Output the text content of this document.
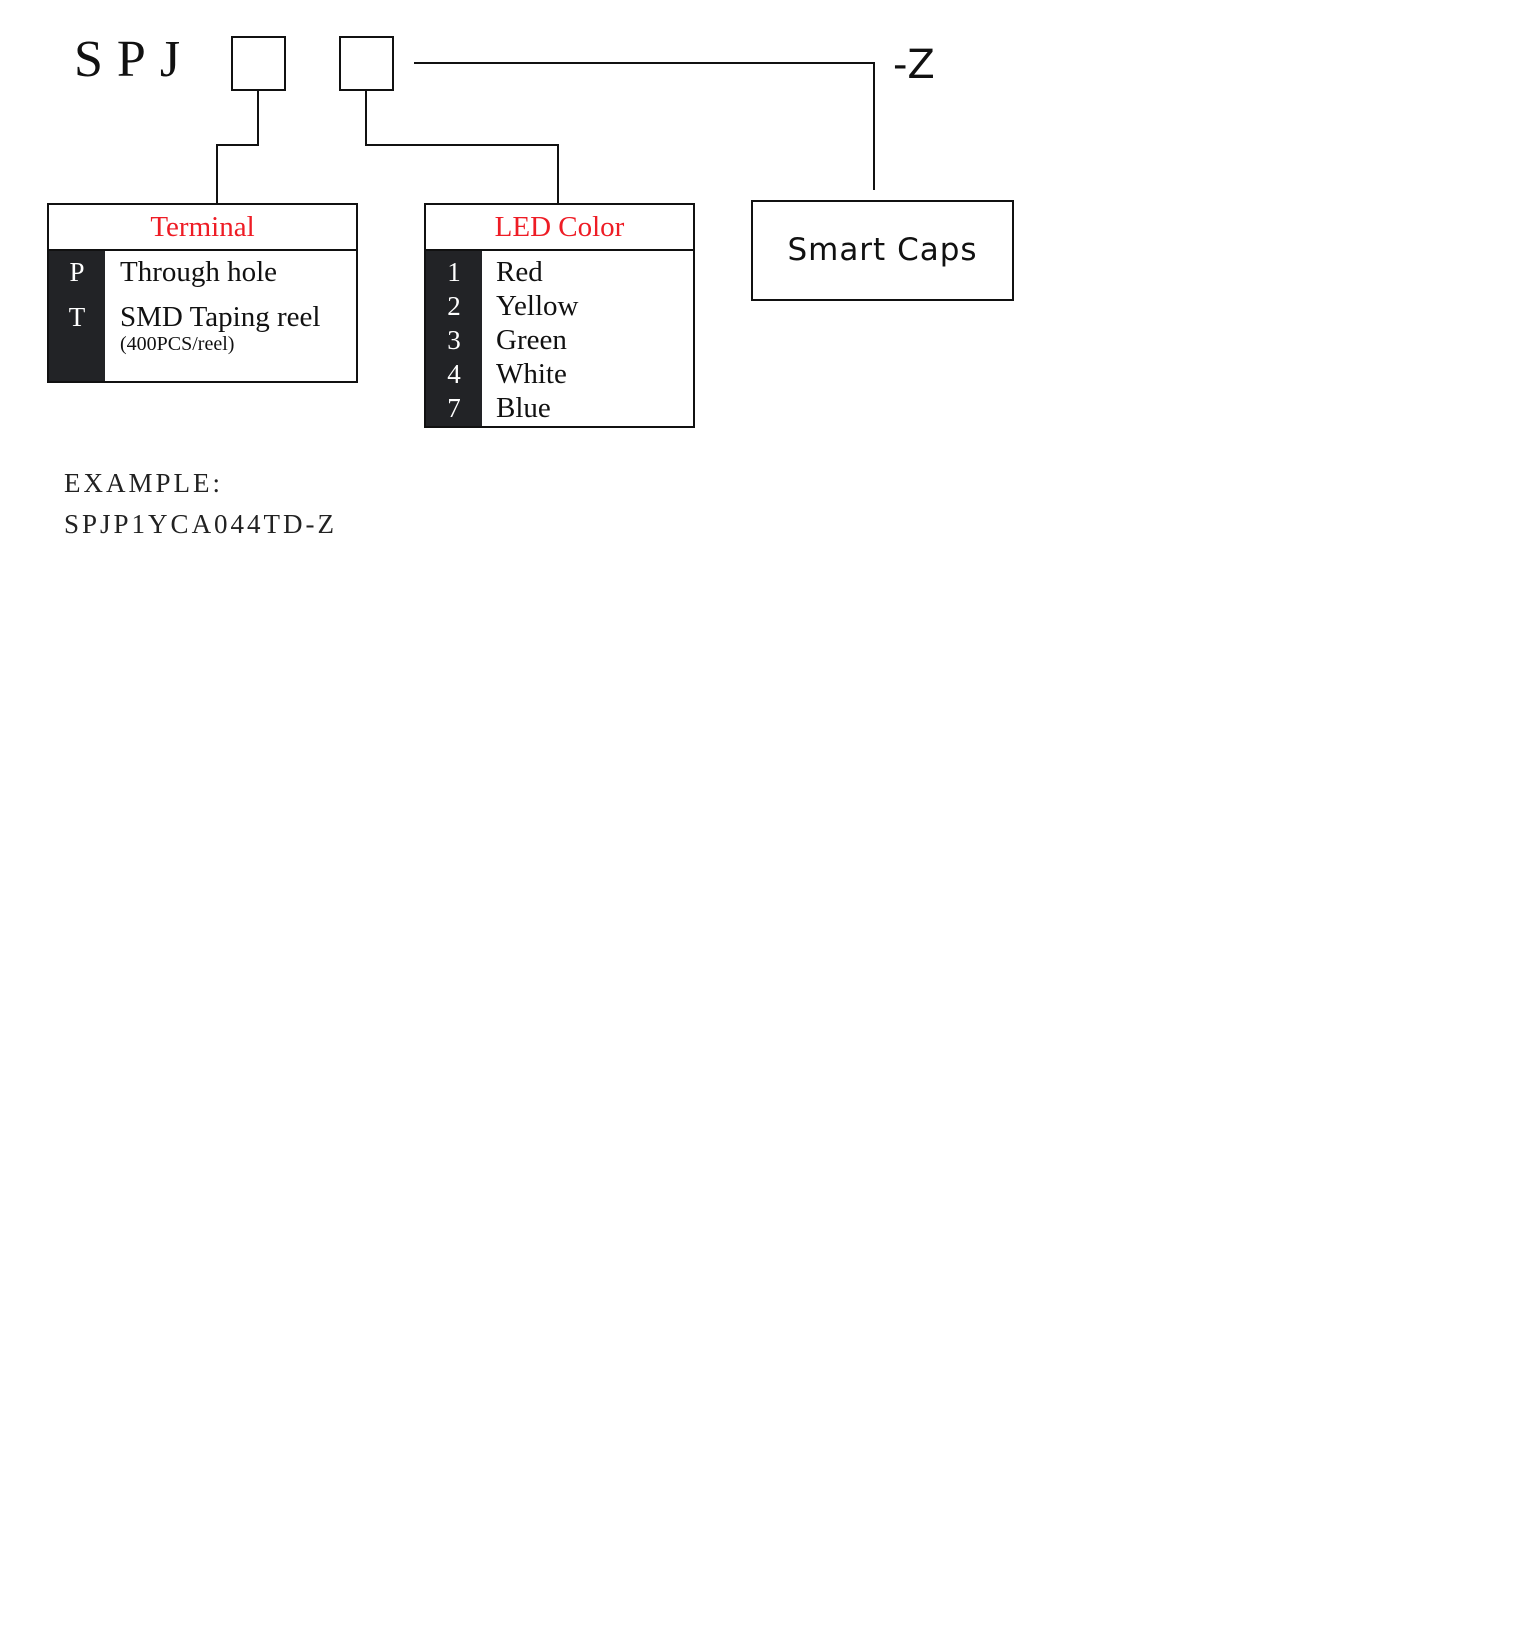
SPJ	-Z
Terminal
P	Through hole
T	SMD Taping reel
(400PCS/reel)
LED Color
1	Red
2	Yellow
3	Green
4	White
7	Blue
Smart Caps
EXAMPLE:
SPJP1YCA044TD-Z
